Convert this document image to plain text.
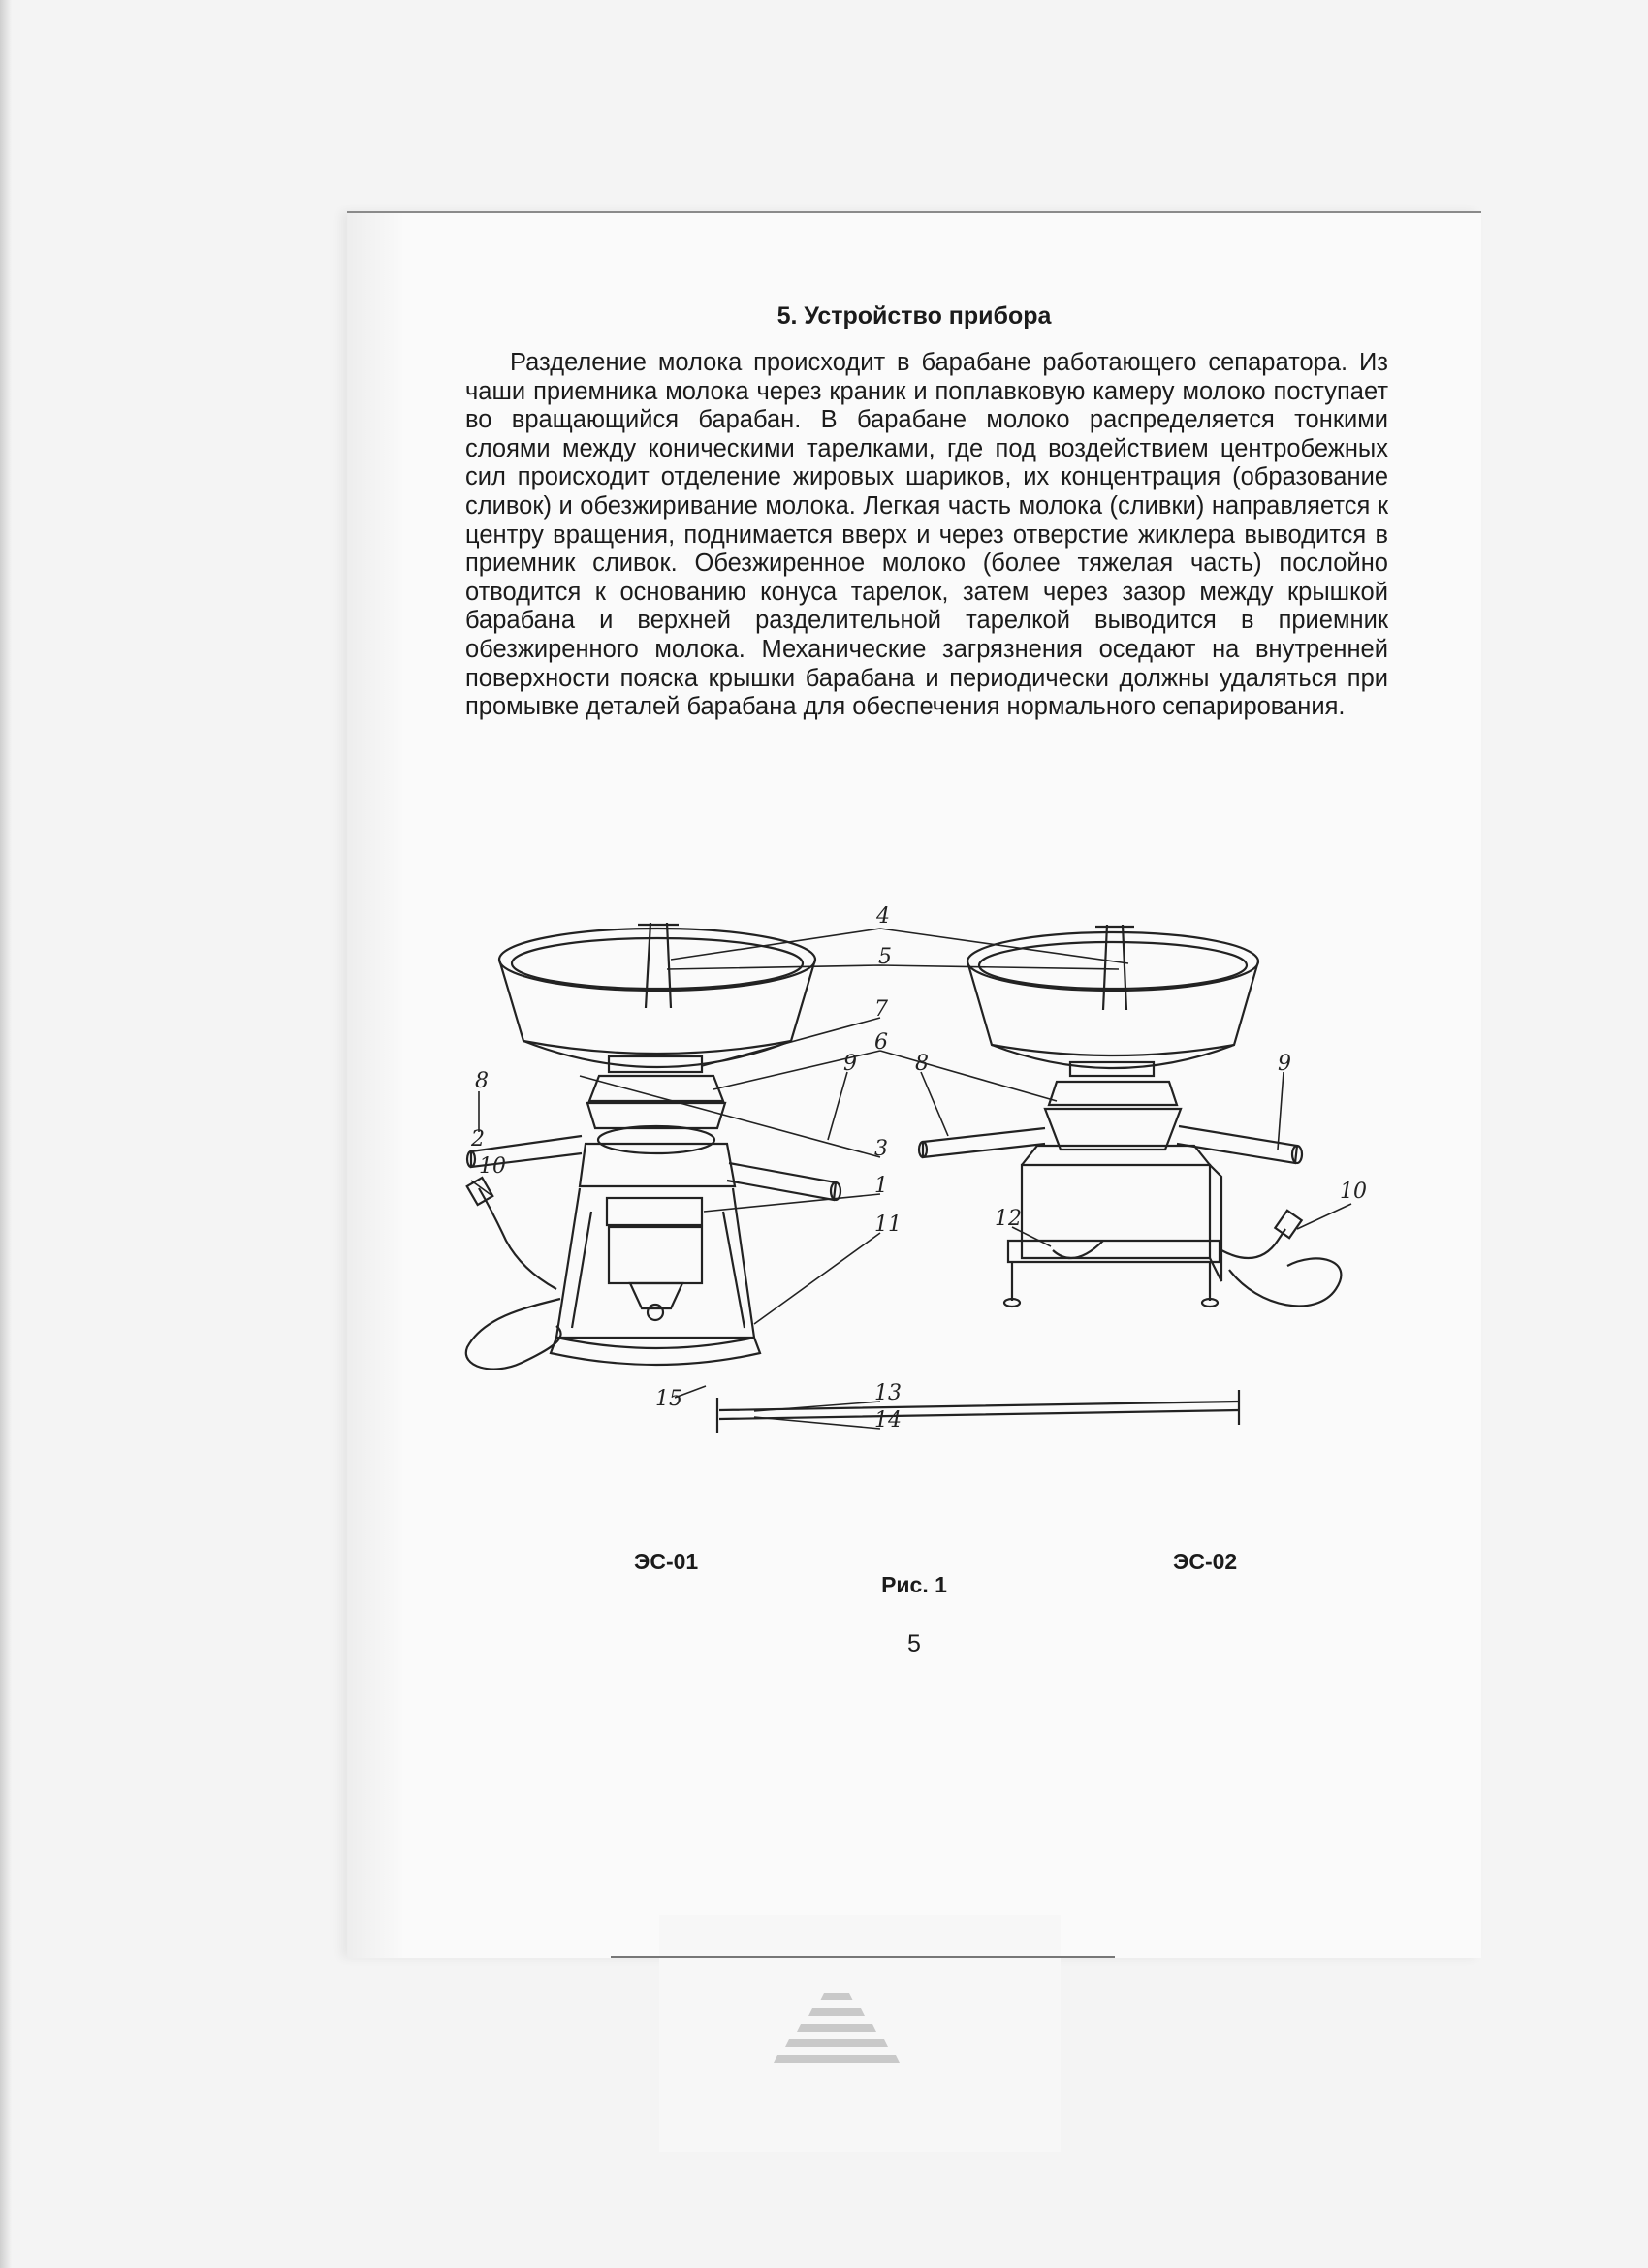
5. Устройство прибора
Разделение молока происходит в барабане работающего сепаратора. Из чаши приемника молока через краник и поплавковую камеру молоко поступает во вращающийся барабан. В барабане молоко распределяется тонкими слоями между коническими тарелками, где под воздействием центробежных сил происходит отделение жировых шариков, их концентрация (образование сливок) и обезжиривание молока. Легкая часть молока (сливки) направляется к центру вращения, поднимается вверх и через отверстие жиклера выводится в приемник сливок. Обезжиренное молоко (более тяжелая часть) послойно отводится к основанию конуса тарелок, затем через зазор между крышкой барабана и верхней разделительной тарелкой выводится в приемник обезжиренного молока. Механические загрязнения оседают на внутренней поверхности пояска крышки барабана и периодически должны удаляться при промывке деталей барабана для обеспечения нормального сепарирования.
4
5
7
6
8
9
2	3
1
10
11
15	13
14
8	9
10
12
ЭС-01	ЭС-02
Рис. 1
5
